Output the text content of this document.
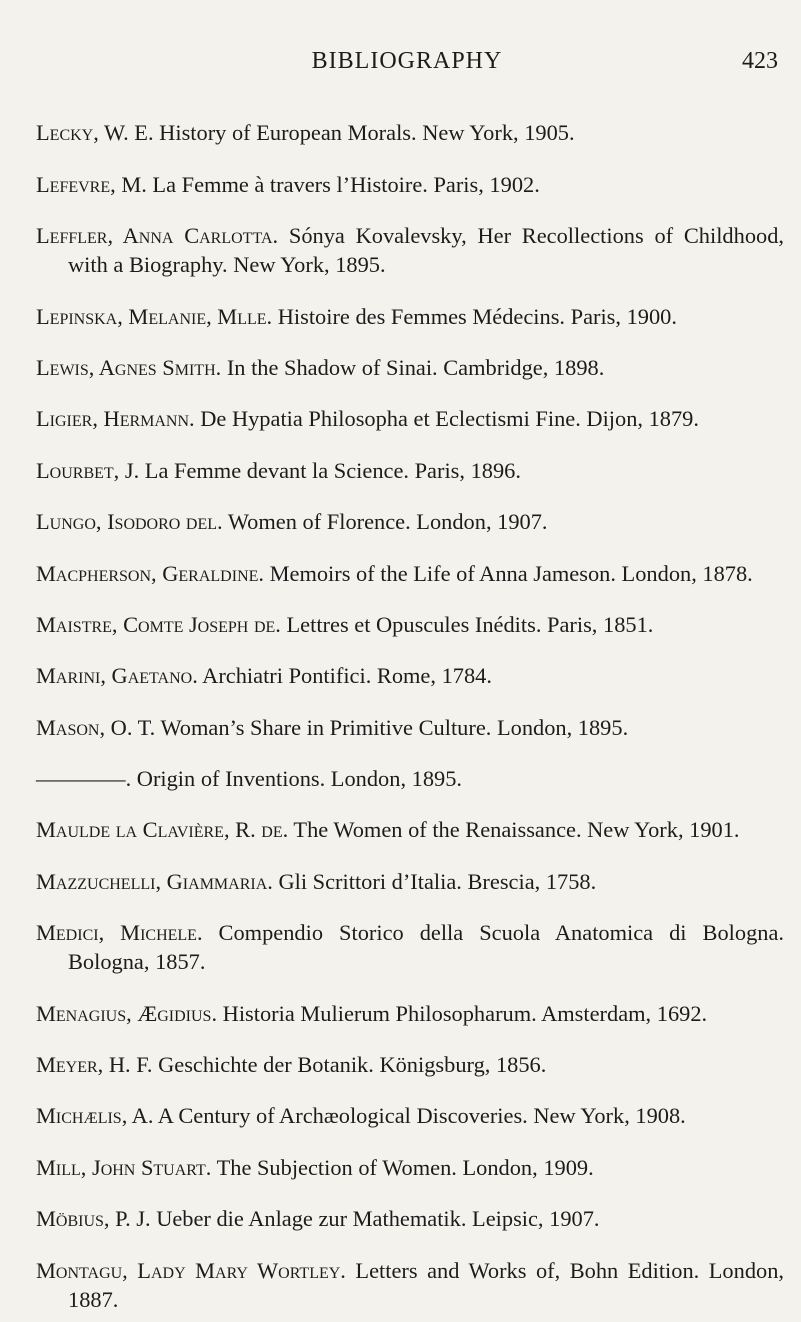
BIBLIOGRAPHY	423

Lecky, W. E. History of European Morals. New York, 1905.

Lefevre, M. La Femme à travers l’Histoire. Paris, 1902.

Leffler, Anna Carlotta. Sónya Kovalevsky, Her Recollections of Childhood, with a Biography. New York, 1895.

Lepinska, Melanie, Mlle. Histoire des Femmes Médecins. Paris, 1900.

Lewis, Agnes Smith. In the Shadow of Sinai. Cambridge, 1898.

Ligier, Hermann. De Hypatia Philosopha et Eclectismi Fine. Dijon, 1879.

Lourbet, J. La Femme devant la Science. Paris, 1896.

Lungo, Isodoro del. Women of Florence. London, 1907.

Macpherson, Geraldine. Memoirs of the Life of Anna Jameson. London, 1878.

Maistre, Comte Joseph de. Lettres et Opuscules Inédits. Paris, 1851.

Marini, Gaetano. Archiatri Pontifici. Rome, 1784.

Mason, O. T. Woman’s Share in Primitive Culture. London, 1895.

————. Origin of Inventions. London, 1895.

Maulde la Clavière, R. de. The Women of the Renaissance. New York, 1901.

Mazzuchelli, Giammaria. Gli Scrittori d’Italia. Brescia, 1758.

Medici, Michele. Compendio Storico della Scuola Anatomica di Bologna. Bologna, 1857.

Menagius, Ægidius. Historia Mulierum Philosopharum. Amsterdam, 1692.

Meyer, H. F. Geschichte der Botanik. Königsburg, 1856.

Michælis, A. A Century of Archæological Discoveries. New York, 1908.

Mill, John Stuart. The Subjection of Women. London, 1909.

Möbius, P. J. Ueber die Anlage zur Mathematik. Leipsic, 1907.

Montagu, Lady Mary Wortley. Letters and Works of, Bohn Edition. London, 1887.
